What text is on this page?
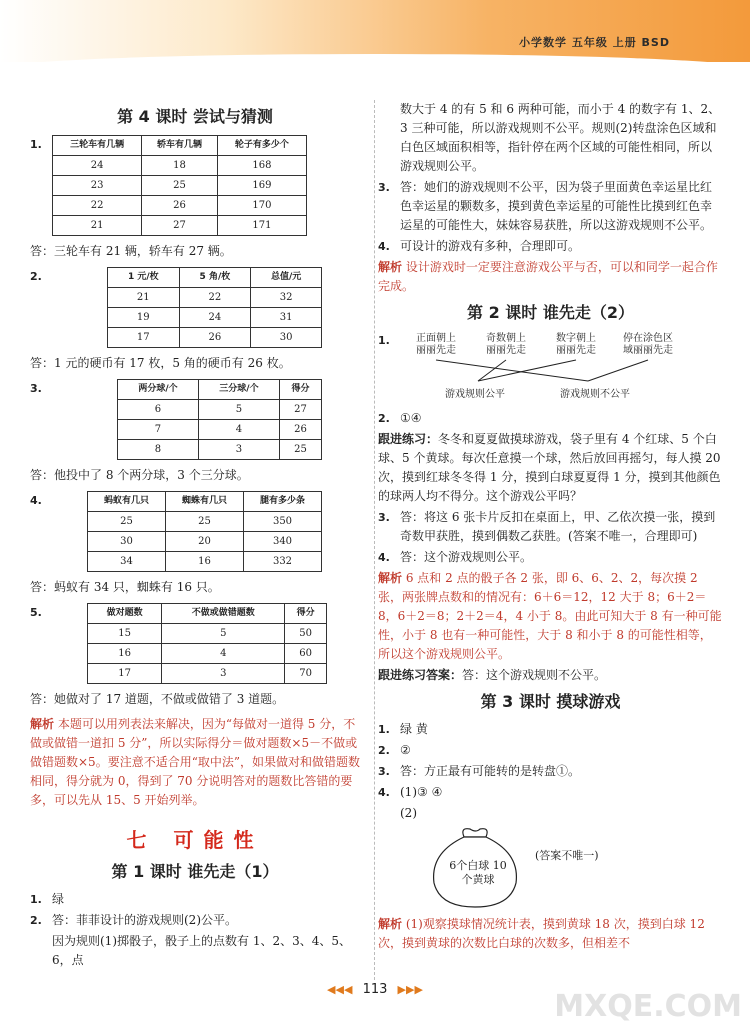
小学数学 五年级 上册 BSD
第 4 课时 尝试与猜测
1.	三轮车有几辆	轿车有几辆	轮子有多少个
24	18	168
23	25	169
22	26	170
21	27	171
答：三轮车有 21 辆，轿车有 27 辆。
2.	1 元/枚	5 角/枚	总值/元
21	22	32
19	24	31
17	26	30
答：1 元的硬币有 17 枚，5 角的硬币有 26 枚。
3.	两分球/个	三分球/个	得分
6	5	27
7	4	26
8	3	25
答：他投中了 8 个两分球，3 个三分球。
4.	蚂蚁有几只	蜘蛛有几只	腿有多少条
25	25	350
30	20	340
34	16	332
答：蚂蚁有 34 只，蜘蛛有 16 只。
5.	做对题数	不做或做错题数	得分
15	5	50
16	4	60
17	3	70
答：她做对了 17 道题，不做或做错了 3 道题。
解析 本题可以用列表法来解决，因为“每做对一道得 5 分，不做或做错一道扣 5 分”，所以实际得分＝做对题数×5－不做或做错题数×5。要注意不适合用“取中法”，如果做对和做错题数相同，得分就为 0，得到了 70 分说明答对的题数比答错的要多，可以先从 15、5 开始列举。
七 可能性
第 1 课时 谁先走（1）
1. 绿
2. 答：菲菲设计的游戏规则(2)公平。

因为规则(1)掷骰子，骰子上的点数有 1、2、3、4、5、6，点

数大于 4 的有 5 和 6 两种可能，而小于 4 的数字有 1、2、3 三种可能，所以游戏规则不公平。规则(2)转盘涂色区域和白色区域面积相等，指针停在两个区域的可能性相同，所以游戏规则公平。

3. 答：她们的游戏规则不公平，因为袋子里面黄色幸运星比红色幸运星的颗数多，摸到黄色幸运星的可能性比摸到红色幸运星的可能性大，妹妹容易获胜，所以这游戏规则不公平。
4. 可设计的游戏有多种，合理即可。
解析 设计游戏时一定要注意游戏公平与否，可以和同学一起合作完成。
第 2 课时 谁先走（2）
1.	正面朝上 丽丽先走
奇数朝上 丽丽先走
数字朝上 丽丽先走
停在涂色区 域丽丽先走
游戏规则公平	游戏规则不公平
2. ①④

跟进练习：冬冬和夏夏做摸球游戏，袋子里有 4 个红球、5 个白球、5 个黄球。每次任意摸一个球，然后放回再摇匀，每人摸 20 次，摸到红球冬冬得 1 分，摸到白球夏夏得 1 分，摸到其他颜色的球两人均不得分。这个游戏公平吗？

3. 答：将这 6 张卡片反扣在桌面上，甲、乙依次摸一张，摸到奇数甲获胜，摸到偶数乙获胜。(答案不唯一，合理即可)
4. 答：这个游戏规则公平。
解析 6 点和 2 点的骰子各 2 张，即 6、6、2、2，每次摸 2 张，两张牌点数和的情况有：6＋6＝12，12 大于 8；6＋2＝8，6＋2＝8；2＋2＝4，4 小于 8。由此可知大于 8 有一种可能性，小于 8 也有一种可能性，大于 8 和小于 8 的可能性相等，所以这个游戏规则公平。

跟进练习答案：答：这个游戏规则不公平。

第 3 课时 摸球游戏
1. 绿 黄
2. ②
3. 答：方正最有可能转的是转盘①。
4. (1)③ ④

(2)

6个白球 10个黄球
(答案不唯一)
解析 (1)观察摸球情况统计表，摸到黄球 18 次，摸到白球 12 次，摸到黄球的次数比白球的次数多，但相差不
◀◀◀ 113 ▶▶▶	MXQE.COM
